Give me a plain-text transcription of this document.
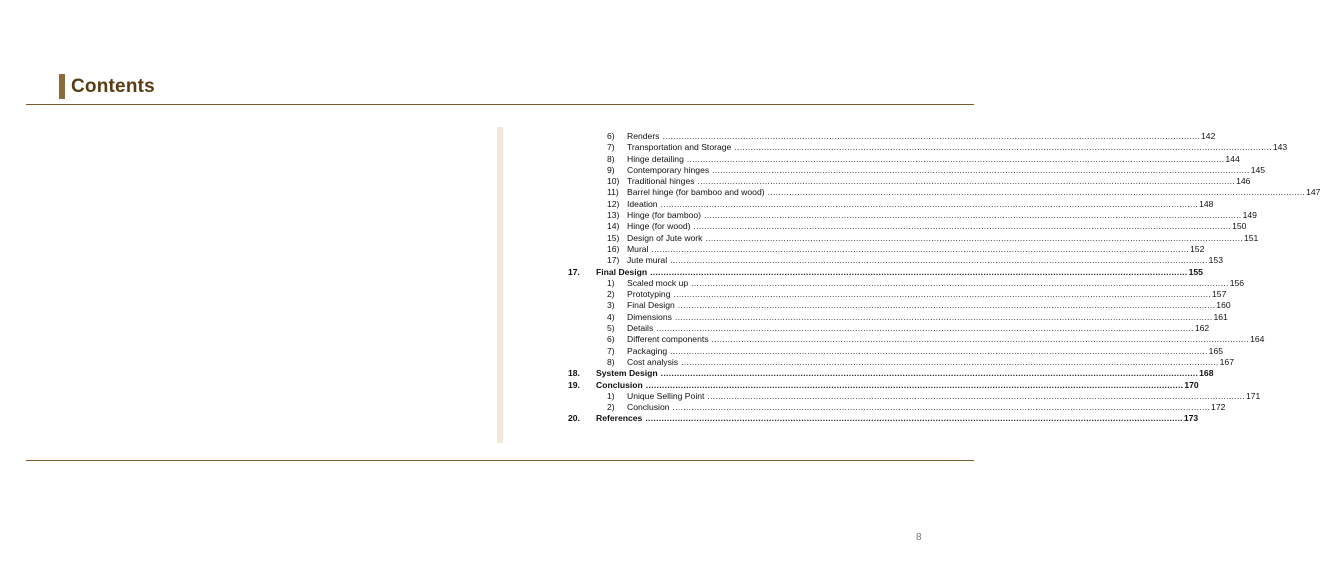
Contents
6)	Renders ........................................................................................................................................................................................................ 142
7)	Transportation and Storage ........................................................................................................................................................................................................ 143
8)	Hinge detailing ........................................................................................................................................................................................................ 144
9)	Contemporary hinges ........................................................................................................................................................................................................ 145
10) Traditional hinges ........................................................................................................................................................................................................ 146
11) Barrel hinge (for bamboo and wood) ........................................................................................................................................................................................................ 147
12) Ideation ........................................................................................................................................................................................................ 148
13) Hinge (for bamboo) ........................................................................................................................................................................................................ 149
14) Hinge (for wood) ........................................................................................................................................................................................................ 150
15) Design of Jute work ........................................................................................................................................................................................................ 151
16) Mural ........................................................................................................................................................................................................ 152
17) Jute mural ........................................................................................................................................................................................................ 153
17.	Final Design ........................................................................................................................................................................................................ 155
1)	Scaled mock up ........................................................................................................................................................................................................ 156
2)	Prototyping ........................................................................................................................................................................................................ 157
3)	Final Design ........................................................................................................................................................................................................ 160
4)	Dimensions ........................................................................................................................................................................................................ 161
5)	Details ........................................................................................................................................................................................................ 162
6)	Different components ........................................................................................................................................................................................................ 164
7)	Packaging ........................................................................................................................................................................................................ 165
8)	Cost analysis ........................................................................................................................................................................................................ 167
18.	System Design ........................................................................................................................................................................................................ 168
19.	Conclusion ........................................................................................................................................................................................................ 170
1)	Unique Selling Point ........................................................................................................................................................................................................ 171
2)	Conclusion ........................................................................................................................................................................................................ 172
20.	References ........................................................................................................................................................................................................ 173
8
